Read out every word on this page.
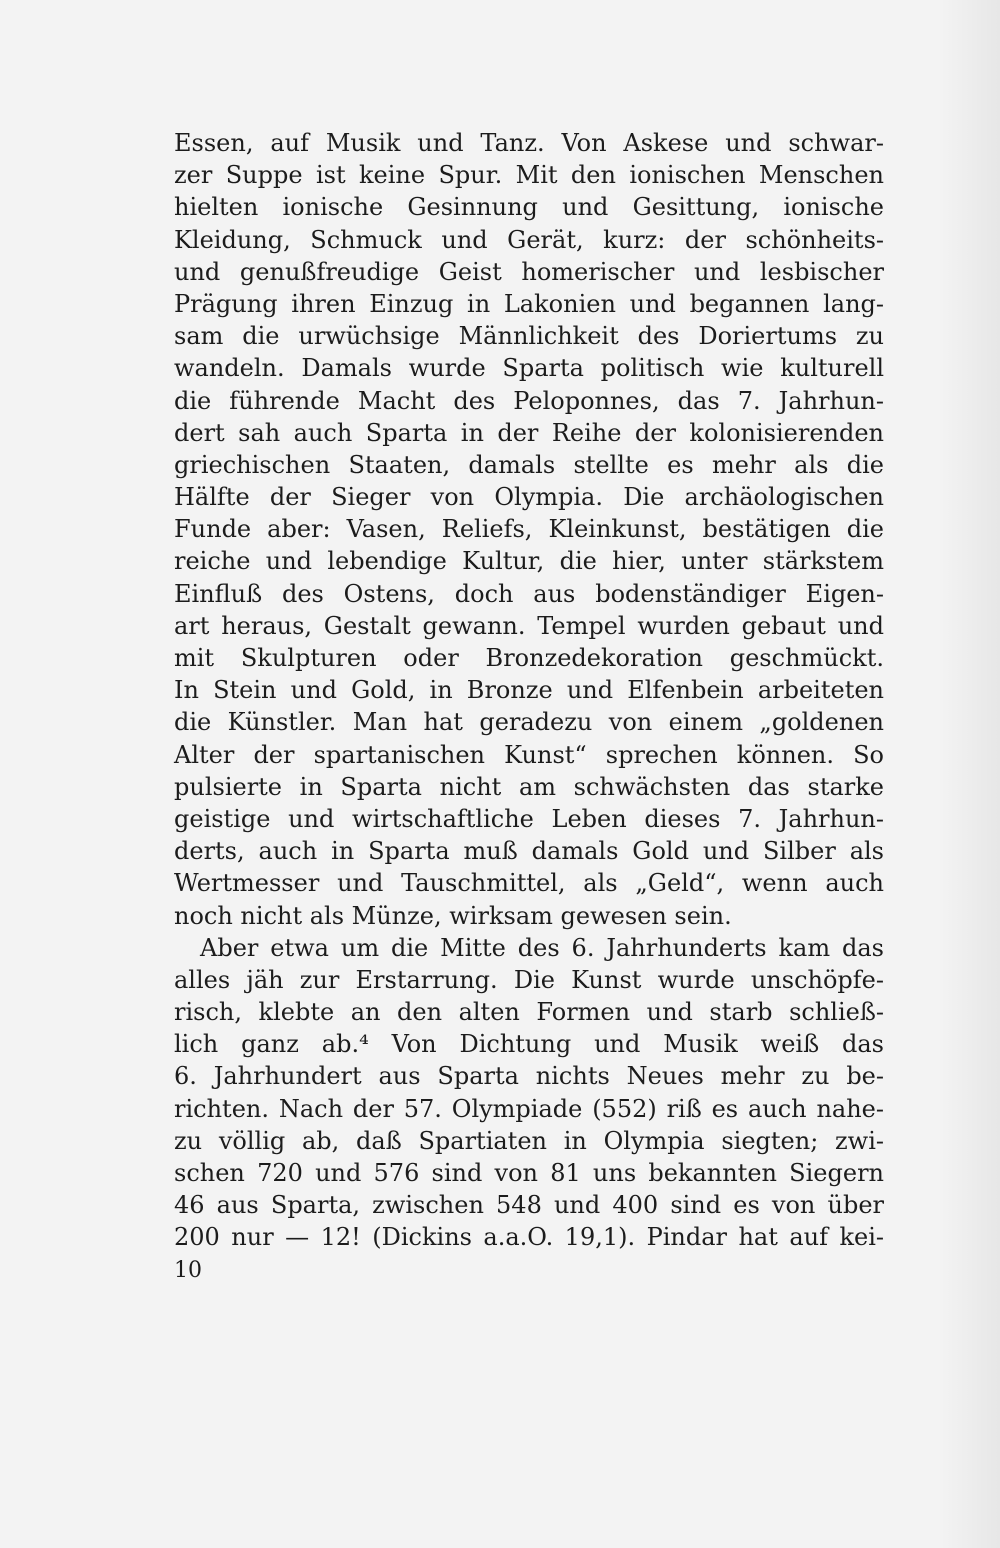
Essen, auf Musik und Tanz. Von Askese und schwar-
zer Suppe ist keine Spur. Mit den ionischen Menschen
hielten ionische Gesinnung und Gesittung, ionische
Kleidung, Schmuck und Gerät, kurz: der schönheits-
und genußfreudige Geist homerischer und lesbischer
Prägung ihren Einzug in Lakonien und begannen lang-
sam die urwüchsige Männlichkeit des Doriertums zu
wandeln. Damals wurde Sparta politisch wie kulturell
die führende Macht des Peloponnes, das 7. Jahrhun-
dert sah auch Sparta in der Reihe der kolonisierenden
griechischen Staaten, damals stellte es mehr als die
Hälfte der Sieger von Olympia. Die archäologischen
Funde aber: Vasen, Reliefs, Kleinkunst, bestätigen die
reiche und lebendige Kultur, die hier, unter stärkstem
Einfluß des Ostens, doch aus bodenständiger Eigen-
art heraus, Gestalt gewann. Tempel wurden gebaut und
mit Skulpturen oder Bronzedekoration geschmückt.
In Stein und Gold, in Bronze und Elfenbein arbeiteten
die Künstler. Man hat geradezu von einem „goldenen
Alter der spartanischen Kunst“ sprechen können. So
pulsierte in Sparta nicht am schwächsten das starke
geistige und wirtschaftliche Leben dieses 7. Jahrhun-
derts, auch in Sparta muß damals Gold und Silber als
Wertmesser und Tauschmittel, als „Geld“, wenn auch
noch nicht als Münze, wirksam gewesen sein.
Aber etwa um die Mitte des 6. Jahrhunderts kam das
alles jäh zur Erstarrung. Die Kunst wurde unschöpfe-
risch, klebte an den alten Formen und starb schließ-
lich ganz ab.⁴ Von Dichtung und Musik weiß das
6. Jahrhundert aus Sparta nichts Neues mehr zu be-
richten. Nach der 57. Olympiade (552) riß es auch nahe-
zu völlig ab, daß Spartiaten in Olympia siegten; zwi-
schen 720 und 576 sind von 81 uns bekannten Siegern
46 aus Sparta, zwischen 548 und 400 sind es von über
200 nur — 12! (Dickins a.a.O. 19,1). Pindar hat auf kei-
10
